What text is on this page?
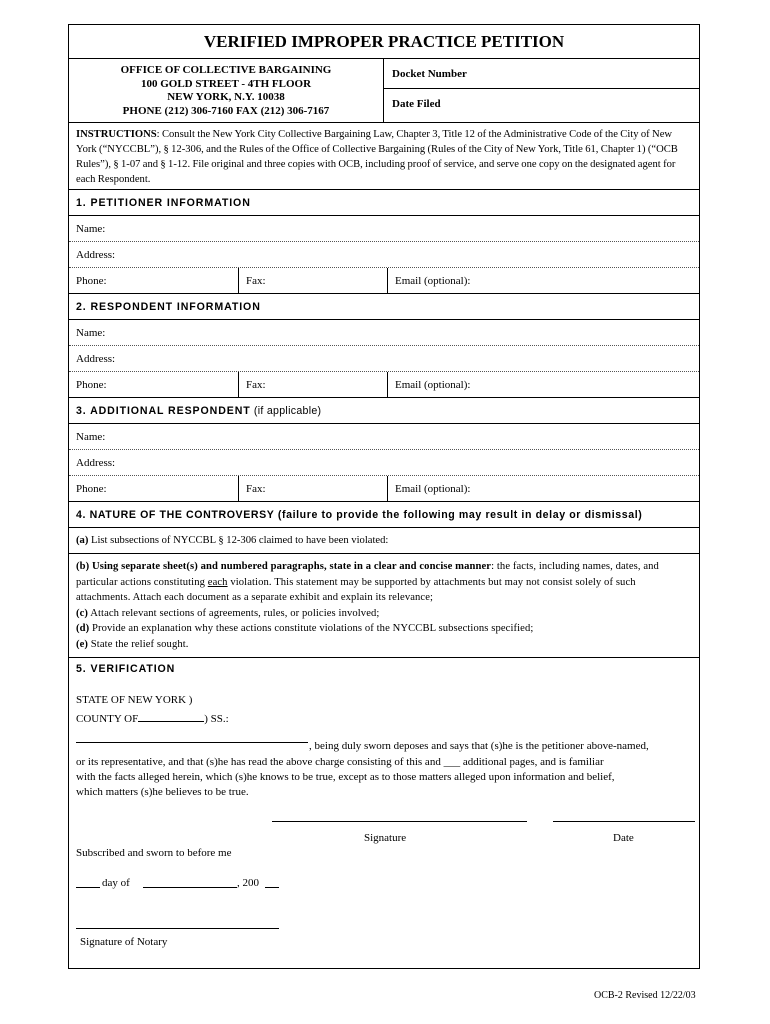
VERIFIED IMPROPER PRACTICE PETITION
OFFICE OF COLLECTIVE BARGAINING
100 GOLD STREET - 4TH FLOOR
NEW YORK, N.Y. 10038
PHONE (212) 306-7160 FAX (212) 306-7167
Docket Number
Date Filed
INSTRUCTIONS: Consult the New York City Collective Bargaining Law, Chapter 3, Title 12 of the Administrative Code of the City of New York (“NYCCBL”), § 12-306, and the Rules of the Office of Collective Bargaining (Rules of the City of New York, Title 61, Chapter 1) (“OCB Rules”), § 1-07 and § 1-12. File original and three copies with OCB, including proof of service, and serve one copy on the designated agent for each Respondent.
1. PETITIONER INFORMATION
Name:
Address:
Phone:	Fax:	Email (optional):
2. RESPONDENT INFORMATION
Name:
Address:
Phone:	Fax:	Email (optional):
3. ADDITIONAL RESPONDENT (if applicable)
Name:
Address:
Phone:	Fax:	Email (optional):
4. NATURE OF THE CONTROVERSY (failure to provide the following may result in delay or dismissal)
(a) List subsections of NYCCBL § 12-306 claimed to have been violated:
(b) Using separate sheet(s) and numbered paragraphs, state in a clear and concise manner: the facts, including names, dates, and particular actions constituting each violation. This statement may be supported by attachments but may not consist solely of such attachments. Attach each document as a separate exhibit and explain its relevance;
(c) Attach relevant sections of agreements, rules, or policies involved;
(d) Provide an explanation why these actions constitute violations of the NYCCBL subsections specified;
(e) State the relief sought.
5. VERIFICATION
STATE OF NEW YORK )
COUNTY OF	) SS.:
, being duly sworn deposes and says that (s)he is the petitioner above-named,
or its representative, and that (s)he has read the above charge consisting of this and ___ additional pages, and is familiar
with the facts alleged herein, which (s)he knows to be true, except as to those matters alleged upon information and belief,
which matters (s)he believes to be true.
Signature	Date
Subscribed and sworn to before me
day of	, 200
Signature of Notary
OCB-2 Revised 12/22/03
